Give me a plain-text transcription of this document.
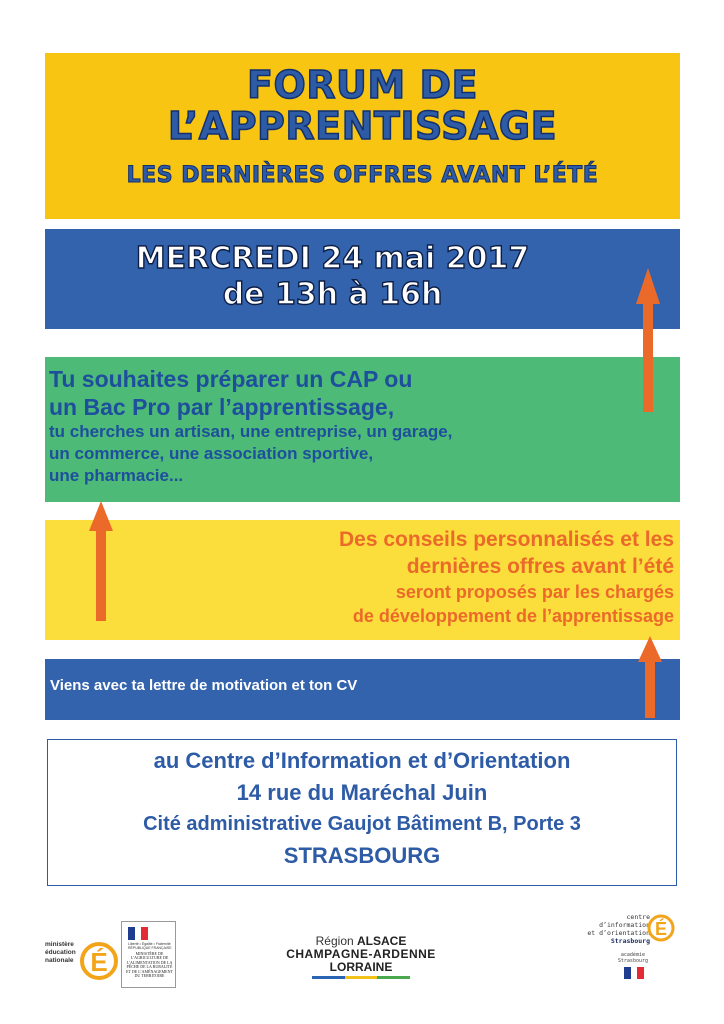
FORUM DE
L’APPRENTISSAGE
LES DERNIÈRES OFFRES AVANT L’ÉTÉ
MERCREDI 24 mai 2017
de 13h à 16h
Tu souhaites préparer un CAP ou
un Bac Pro par l’apprentissage,
tu cherches un artisan, une entreprise, un garage,
un commerce, une association sportive,
une pharmacie...
Des conseils personnalisés et les
dernières offres avant l’été
seront proposés par les chargés
de développement de l’apprentissage
Viens avec ta lettre de motivation et ton CV
au Centre d’Information et d’Orientation
14 rue du Maréchal Juin
Cité administrative Gaujot Bâtiment B, Porte 3
STRASBOURG
ministère éducation nationale É
Liberté • Égalité • Fraternité RÉPUBLIQUE FRANÇAISE
MINISTÈRE DE L’AGRICULTURE DE L’ALIMENTATION DE LA PÊCHE DE LA RURALITÉ ET DE L’AMÉNAGEMENT DU TERRITOIRE
Région ALSACE
CHAMPAGNE-ARDENNE
LORRAINE
centre d’information
et d’orientation
Strasbourg
É
académie
Strasbourg
